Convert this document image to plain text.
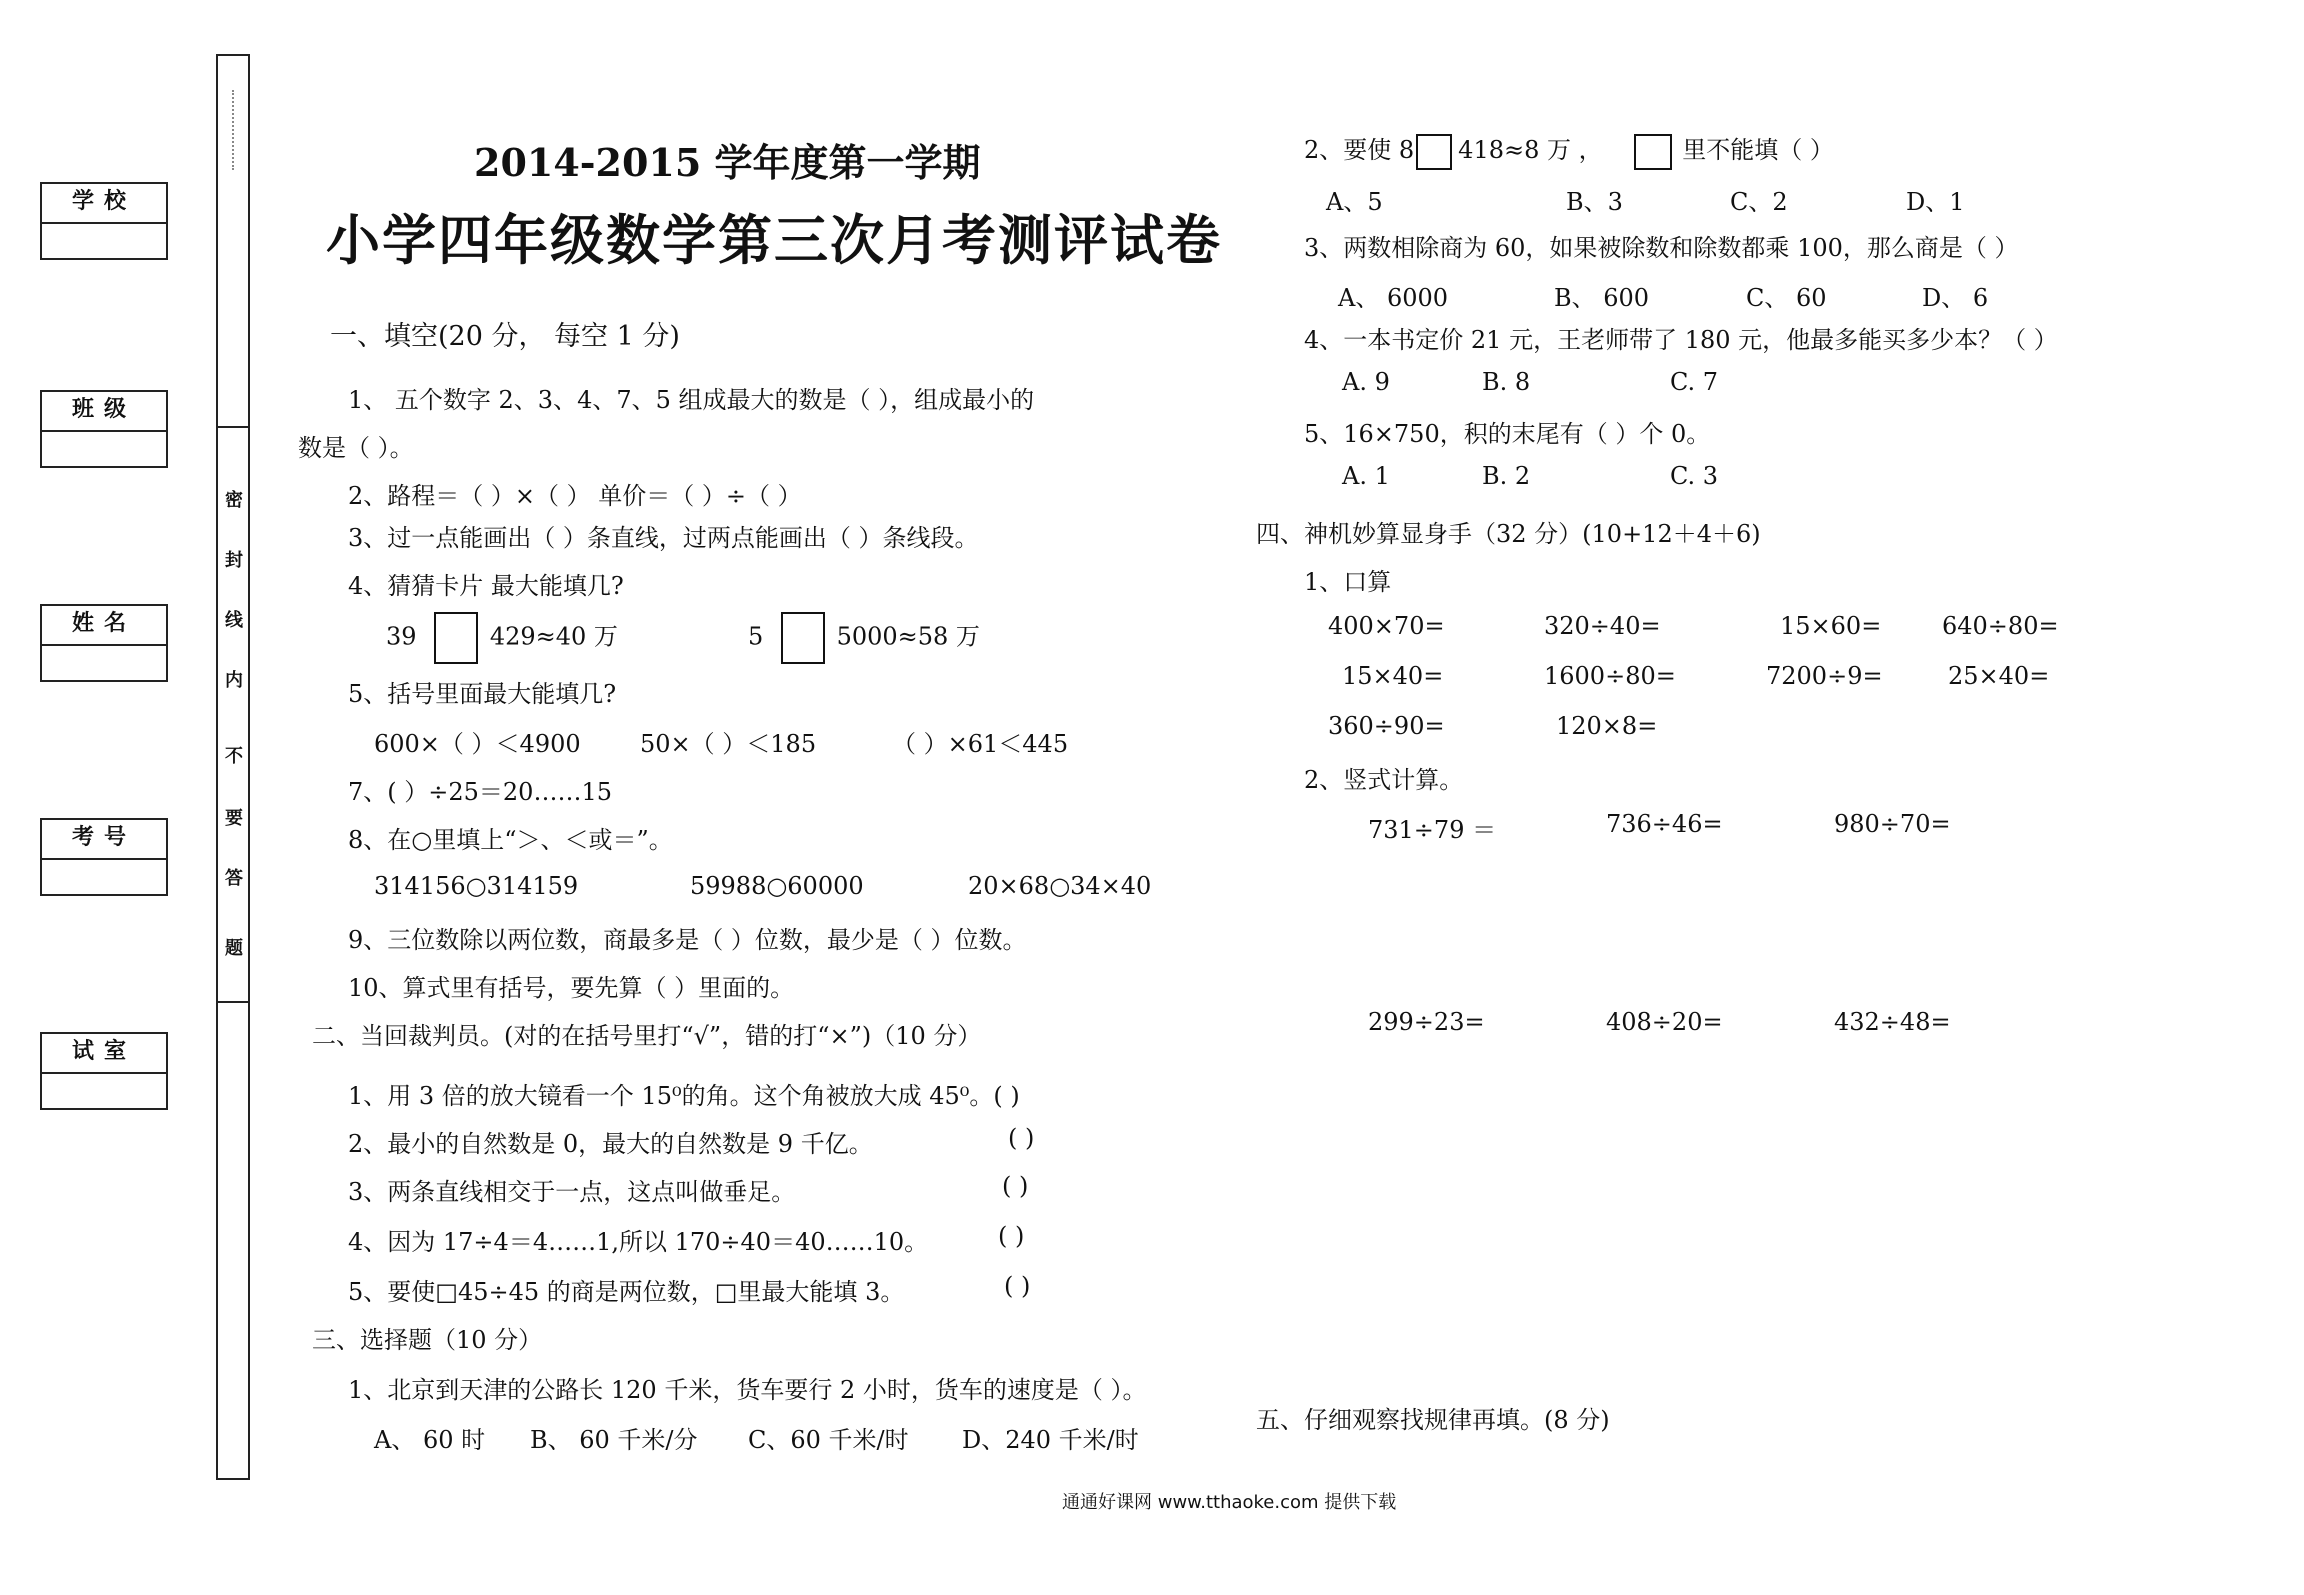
学校
班级
姓名
考号
试室
密
封
线
内
不
要
答
题
2014-2015 学年度第一学期
小学四年级数学第三次月考测评试卷
一、填空(20 分， 每空 1 分)
1、 五个数字 2、3、4、7、5 组成最大的数是（ ），组成最小的
数是（ ）。
2、路程＝（ ）×（ ） 单价＝（ ）÷（ ）
3、过一点能画出（ ）条直线，过两点能画出（ ）条线段。
4、猜猜卡片 最大能填几?
39	429≈40 万	5	5000≈58 万
5、括号里面最大能填几?
600×（ ）＜4900 50×（ ）＜185	（ ）×61＜445
7、( ）÷25＝20……15
8、在○里填上“＞、＜或＝”。
314156○314159	59988○60000	20×68○34×40
9、三位数除以两位数，商最多是（ ）位数，最少是（ ）位数。
10、算式里有括号，要先算（ ）里面的。
二、当回裁判员。(对的在括号里打“√”，错的打“×”)（10 分）
1、用 3 倍的放大镜看一个 15⁰的角。这个角被放大成 45⁰。( )
2、最小的自然数是 0，最大的自然数是 9 千亿。	( )
3、两条直线相交于一点，这点叫做垂足。	( )
4、因为 17÷4＝4……1,所以 170÷40＝40……10。	( )
5、要使□45÷45 的商是两位数，□里最大能填 3。	( )
三、选择题（10 分）
1、北京到天津的公路长 120 千米，货车要行 2 小时，货车的速度是（ ）。
A、 60 时 B、 60 千米/分 C、60 千米/时 D、240 千米/时
2、要使 8 418≈8 万 ，	里不能填（ ）
A、5	B、3	C、2	D、1
3、两数相除商为 60，如果被除数和除数都乘 100，那么商是（ ）
A、 6000	B、 600	C、 60	D、 6
4、一本书定价 21 元，王老师带了 180 元，他最多能买多少本？（ ）
A. 9	B. 8	C. 7
5、16×750，积的末尾有（ ）个 0。
A. 1	B. 2	C. 3
四、神机妙算显身手（32 分）(10+12＋4＋6)
1、口算
400×70=	320÷40=	15×60=	640÷80=
15×40=	1600÷80=	7200÷9=	25×40=
360÷90=	120×8=
2、竖式计算。
731÷79 ＝	736÷46=	980÷70=
299÷23=	408÷20=	432÷48=
五、仔细观察找规律再填。(8 分)
通通好课网 www.tthaoke.com 提供下载
